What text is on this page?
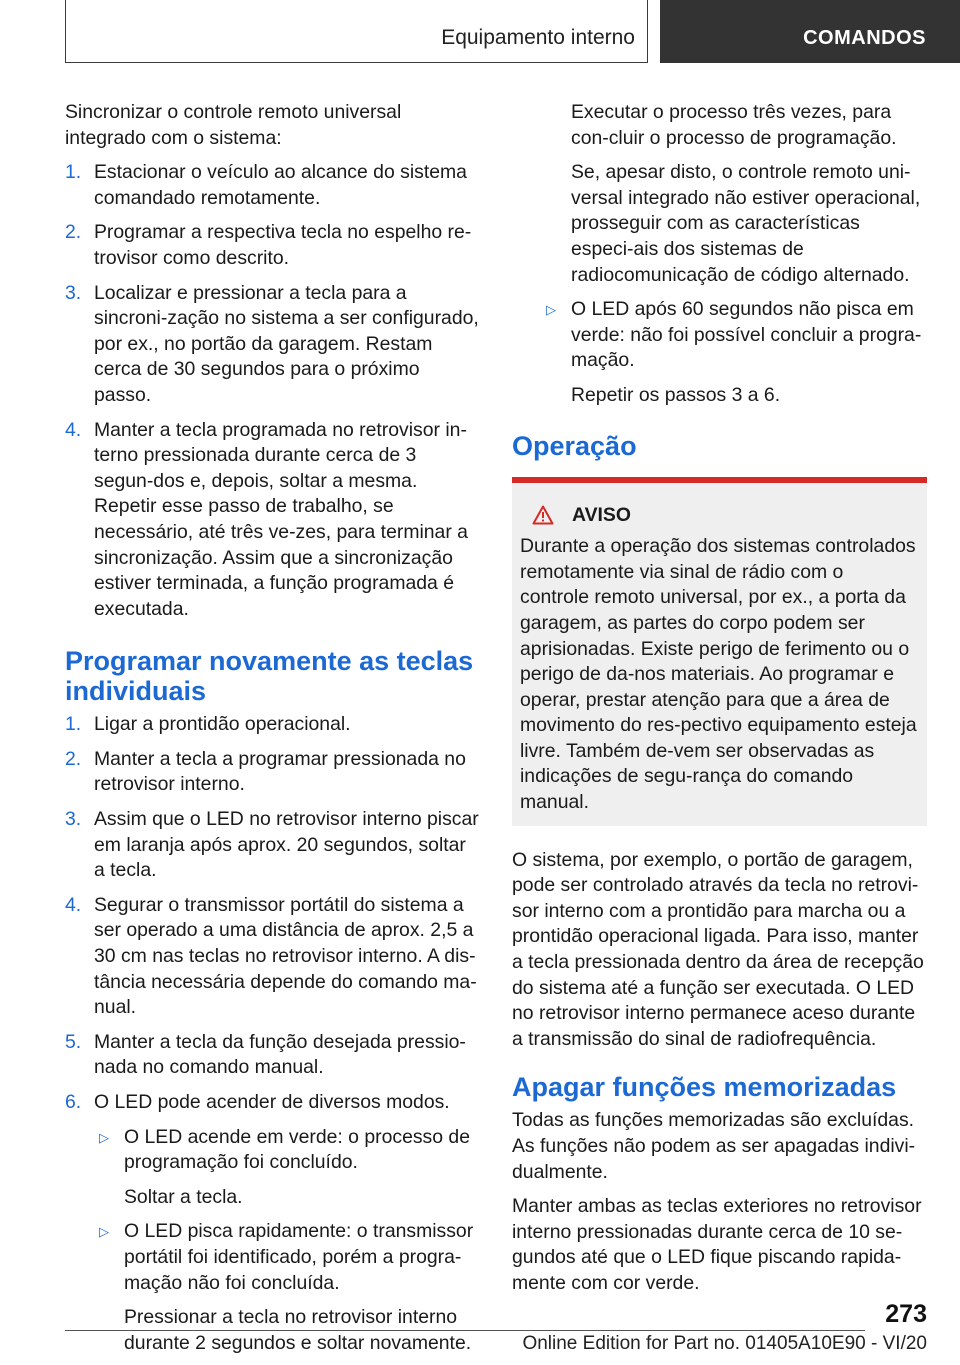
Equipamento interno	COMANDOS

Sincronizar o controle remoto universal integrado com o sistema:

1. Estacionar o veículo ao alcance do sistema comandado remotamente.
2. Programar a respectiva tecla no espelho re‐trovisor como descrito.
3. Localizar e pressionar a tecla para a sincroni‐zação no sistema a ser configurado, por ex., no portão da garagem. Restam cerca de 30 segundos para o próximo passo.
4. Manter a tecla programada no retrovisor in‐terno pressionada durante cerca de 3 segun‐dos e, depois, soltar a mesma. Repetir esse passo de trabalho, se necessário, até três ve‐zes, para terminar a sincronização. Assim que a sincronização estiver terminada, a função programada é executada.
Programar novamente as teclas individuais
1. Ligar a prontidão operacional.
2. Manter a tecla a programar pressionada no retrovisor interno.
3. Assim que o LED no retrovisor interno piscar em laranja após aprox. 20 segundos, soltar a tecla.
4. Segurar o transmissor portátil do sistema a ser operado a uma distância de aprox. 2,5 a 30 cm nas teclas no retrovisor interno. A dis‐tância necessária depende do comando ma‐nual.
5. Manter a tecla da função desejada pressio‐nada no comando manual.
6. O LED pode acender de diversos modos.
▷ O LED acende em verde: o processo de programação foi concluído.
Soltar a tecla.
▷ O LED pisca rapidamente: o transmissor portátil foi identificado, porém a progra‐mação não foi concluída.
Pressionar a tecla no retrovisor interno durante 2 segundos e soltar novamente.

Executar o processo três vezes, para con‐cluir o processo de programação.

Se, apesar disto, o controle remoto uni‐versal integrado não estiver operacional, prosseguir com as características especi‐ais dos sistemas de radiocomunicação de código alternado.

▷ O LED após 60 segundos não pisca em verde: não foi possível concluir a progra‐mação.
Repetir os passos 3 a 6.
Operação
AVISO

Durante a operação dos sistemas controlados remotamente via sinal de rádio com o controle remoto universal, por ex., a porta da garagem, as partes do corpo podem ser aprisionadas. Existe perigo de ferimento ou o perigo de da‐nos materiais. Ao programar e operar, prestar atenção para que a área de movimento do res‐pectivo equipamento esteja livre. Também de‐vem ser observadas as indicações de segu‐rança do comando manual.

O sistema, por exemplo, o portão de garagem, pode ser controlado através da tecla no retrovi‐sor interno com a prontidão para marcha ou a prontidão operacional ligada. Para isso, manter a tecla pressionada dentro da área de recepção do sistema até a função ser executada. O LED no retrovisor interno permanece aceso durante a transmissão do sinal de radiofrequência.

Apagar funções memorizadas

Todas as funções memorizadas são excluídas. As funções não podem as ser apagadas indivi‐dualmente.

Manter ambas as teclas exteriores no retrovisor interno pressionadas durante cerca de 10 se‐gundos até que o LED fique piscando rapida‐mente com cor verde.

273
Online Edition for Part no. 01405A10E90 - VI/20
